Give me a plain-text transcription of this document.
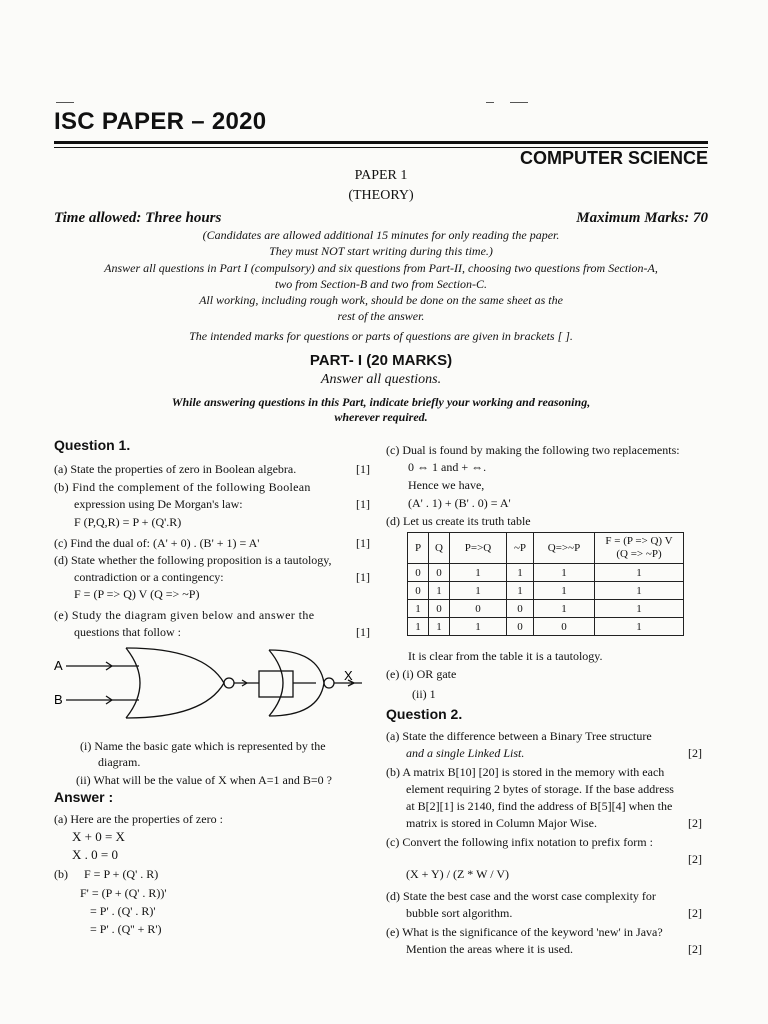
ISC PAPER – 2020
COMPUTER SCIENCE
PAPER 1
(THEORY)
Time allowed: Three hours	Maximum Marks: 70
(Candidates are allowed additional 15 minutes for only reading the paper.
They must NOT start writing during this time.)
Answer all questions in Part I (compulsory) and six questions from Part-II, choosing two questions from Section-A,
two from Section-B and two from Section-C.
All working, including rough work, should be done on the same sheet as the
rest of the answer.
The intended marks for questions or parts of questions are given in brackets [ ].
PART- I (20 MARKS)
Answer all questions.
While answering questions in this Part, indicate briefly your working and reasoning,
wherever required.
Question 1.
(a) State the properties of zero in Boolean algebra.	[1]
(b) Find the complement of the following Boolean
expression using De Morgan's law:	[1]
F (P,Q,R) = P + (Q'.R)
(c) Find the dual of: (A' + 0) . (B' + 1) = A'	[1]
(d) State whether the following proposition is a tautology,
contradiction or a contingency:	[1]
F = (P => Q) V (Q => ~P)
(e) Study the diagram given below and answer the
questions that follow :	[1]
A
B
X
(i) Name the basic gate which is represented by the
diagram.
(ii) What will be the value of X when A=1 and B=0 ?
Answer :
(a) Here are the properties of zero :
X + 0 = X
X . 0 = 0
(b) F = P + (Q' . R)
F' = (P + (Q' . R))'
= P' . (Q' . R)'
= P' . (Q'' + R')
(c) Dual is found by making the following two replacements:
0 ⇔ 1 and + ⇔.
Hence we have,
(A' . 1) + (B' . 0) = A'
(d) Let us create its truth table
P	Q	P=>Q	~P	Q=>~P	F = (P => Q) V (Q => ~P)
0	0	1	1	1	1
0	1	1	1	1	1
1	0	0	0	1	1
1	1	1	0	0	1
It is clear from the table it is a tautology.
(e) (i) OR gate
(ii) 1
Question 2.
(a) State the difference between a Binary Tree structure
and a single Linked List.	[2]
(b) A matrix B[10] [20] is stored in the memory with each
element requiring 2 bytes of storage. If the base address
at B[2][1] is 2140, find the address of B[5][4] when the
matrix is stored in Column Major Wise.	[2]
(c) Convert the following infix notation to prefix form :
[2]
(X + Y) / (Z * W / V)
(d) State the best case and the worst case complexity for
bubble sort algorithm.	[2]
(e) What is the significance of the keyword 'new' in Java?
Mention the areas where it is used.	[2]
